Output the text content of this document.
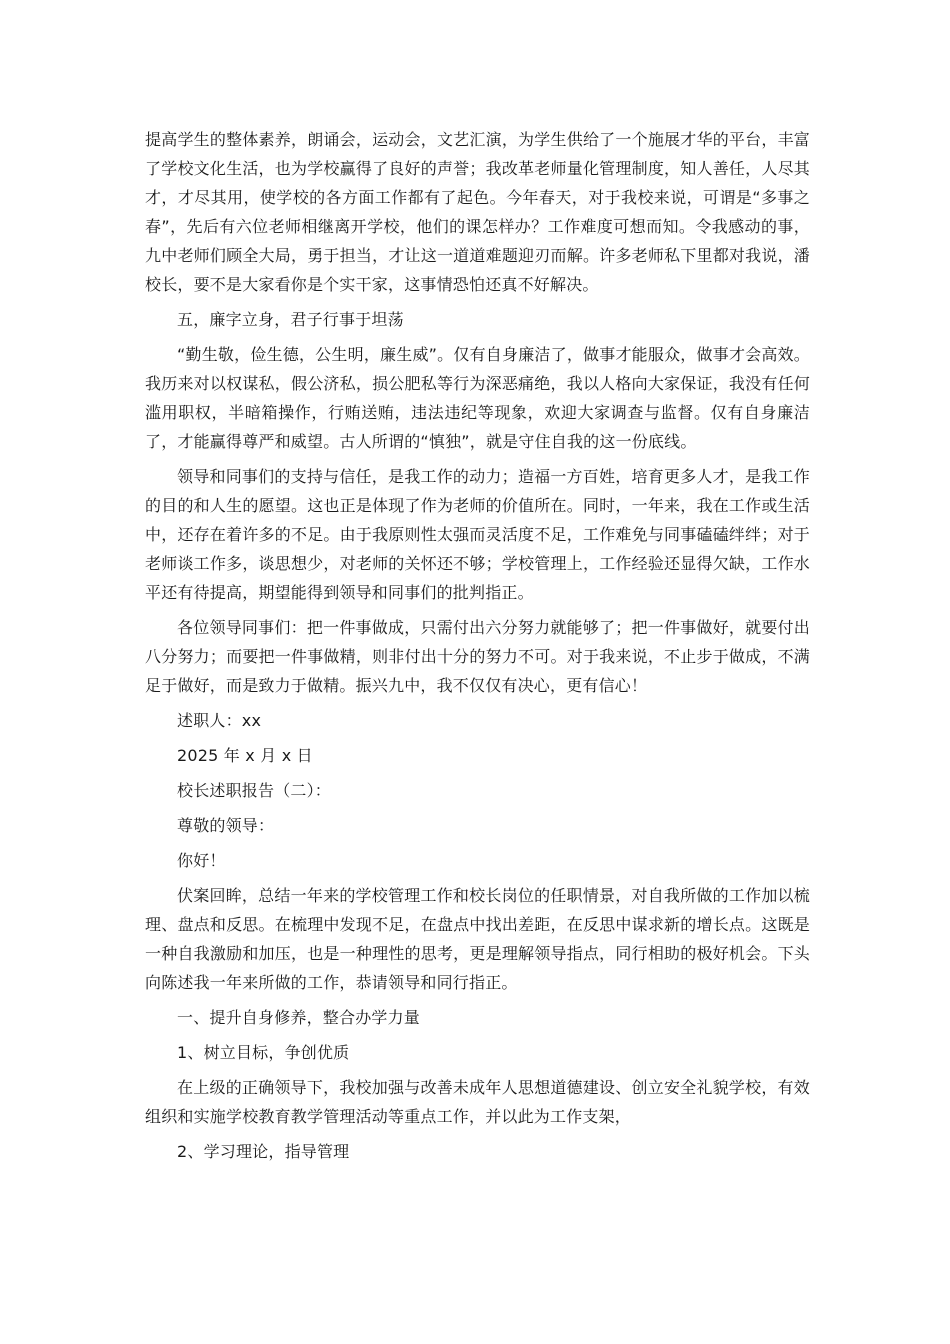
提高学生的整体素养，朗诵会，运动会，文艺汇演，为学生供给了一个施展才华的平台，丰富了学校文化生活，也为学校赢得了良好的声誉；我改革老师量化管理制度，知人善任，人尽其才，才尽其用，使学校的各方面工作都有了起色。今年春天，对于我校来说，可谓是“多事之春”，先后有六位老师相继离开学校，他们的课怎样办？工作难度可想而知。令我感动的事，九中老师们顾全大局，勇于担当，才让这一道道难题迎刃而解。许多老师私下里都对我说，潘校长，要不是大家看你是个实干家，这事情恐怕还真不好解决。

五，廉字立身，君子行事于坦荡

“勤生敬，俭生德，公生明，廉生威”。仅有自身廉洁了，做事才能服众，做事才会高效。我历来对以权谋私，假公济私，损公肥私等行为深恶痛绝，我以人格向大家保证，我没有任何滥用职权，半暗箱操作，行贿送贿，违法违纪等现象，欢迎大家调查与监督。仅有自身廉洁了，才能赢得尊严和威望。古人所谓的“慎独”，就是守住自我的这一份底线。

领导和同事们的支持与信任，是我工作的动力；造福一方百姓，培育更多人才，是我工作的目的和人生的愿望。这也正是体现了作为老师的价值所在。同时，一年来，我在工作或生活中，还存在着许多的不足。由于我原则性太强而灵活度不足，工作难免与同事磕磕绊绊；对于老师谈工作多，谈思想少，对老师的关怀还不够；学校管理上，工作经验还显得欠缺，工作水平还有待提高，期望能得到领导和同事们的批判指正。

各位领导同事们：把一件事做成，只需付出六分努力就能够了；把一件事做好，就要付出八分努力；而要把一件事做精，则非付出十分的努力不可。对于我来说，不止步于做成，不满足于做好，而是致力于做精。振兴九中，我不仅仅有决心，更有信心！

述职人：xx

2025 年 x 月 x 日

校长述职报告（二）：

尊敬的领导：

你好！

伏案回眸，总结一年来的学校管理工作和校长岗位的任职情景，对自我所做的工作加以梳理、盘点和反思。在梳理中发现不足，在盘点中找出差距，在反思中谋求新的增长点。这既是一种自我激励和加压，也是一种理性的思考，更是理解领导指点，同行相助的极好机会。下头向陈述我一年来所做的工作，恭请领导和同行指正。

一、提升自身修养，整合办学力量

1、树立目标，争创优质

在上级的正确领导下，我校加强与改善未成年人思想道德建设、创立安全礼貌学校，有效组织和实施学校教育教学管理活动等重点工作，并以此为工作支架，

2、学习理论，指导管理
